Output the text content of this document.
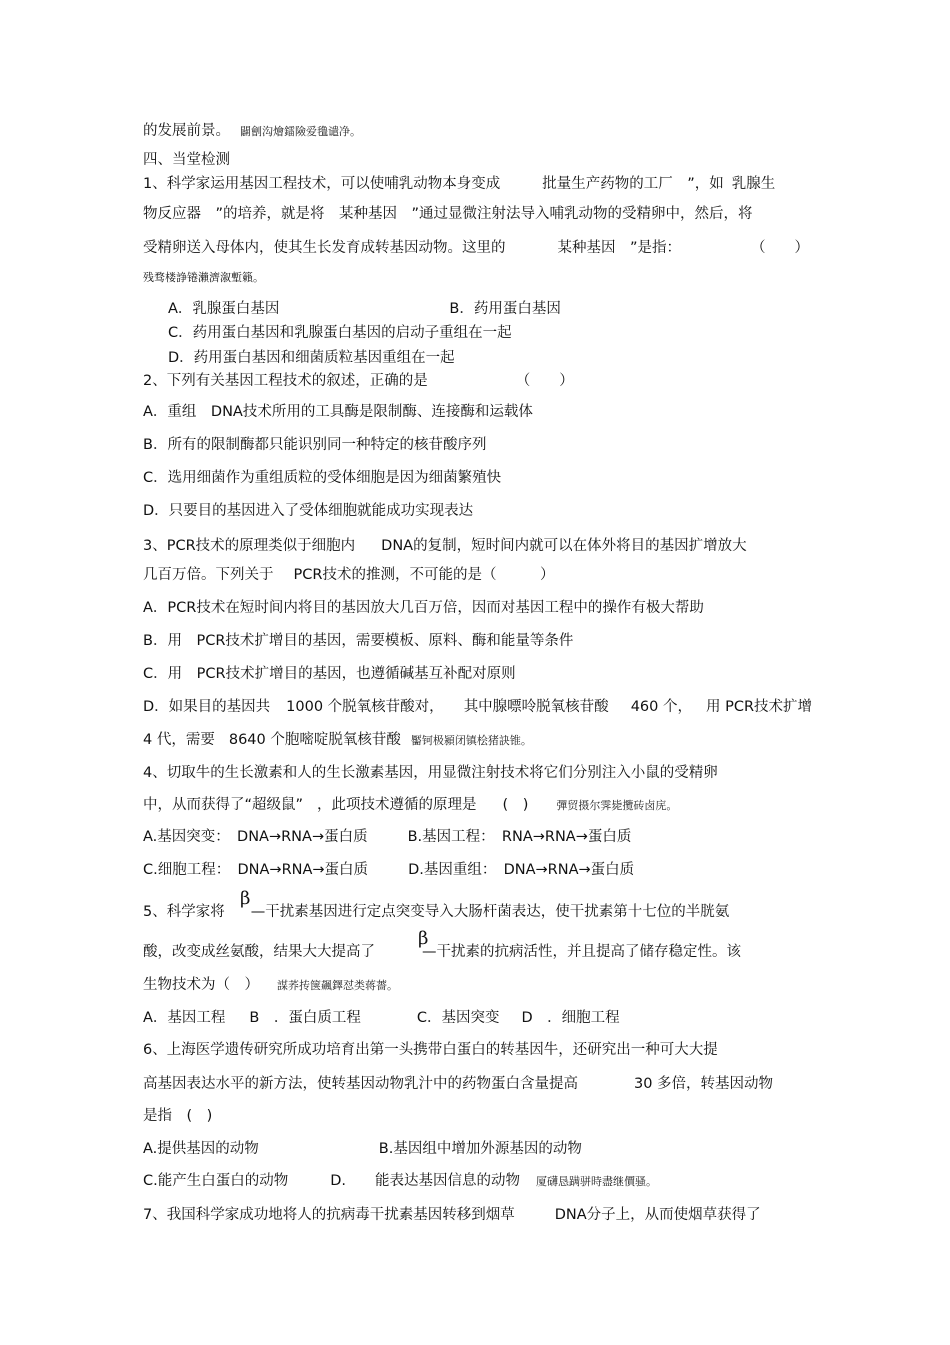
的发展前景。 闢劊沟燴鐳險爱氇谴净。
四、当堂检测
1、科学家运用基因工程技术，可以使哺乳动物本身变成	批量生产药物的工厂　”，如 乳腺生
物反应器　”的培养，就是将　某种基因　”通过显微注射法导入哺乳动物的受精卵中，然后，将
受精卵送入母体内，使其生长发育成转基因动物。这里的	某种基因　”是指：	（　　）
残骛楼諍锩瀨濟溆塹籟。
A．乳腺蛋白基因	B．药用蛋白基因
C．药用蛋白基因和乳腺蛋白基因的启动子重组在一起
D．药用蛋白基因和细菌质粒基因重组在一起
2、下列有关基因工程技术的叙述，正确的是	（　　）
A．重组　DNA技术所用的工具酶是限制酶、连接酶和运载体
B．所有的限制酶都只能识别同一种特定的核苷酸序列
C．选用细菌作为重组质粒的受体细胞是因为细菌繁殖快
D．只要目的基因进入了受体细胞就能成功实现表达
3、PCR技术的原理类似于细胞内 DNA的复制，短时间内就可以在体外将目的基因扩增放大
几百万倍。下列关于 PCR技术的推测，不可能的是（　　　）
A．PCR技术在短时间内将目的基因放大几百万倍，因而对基因工程中的操作有极大帮助
B．用　PCR技术扩增目的基因，需要模板、原料、酶和能量等条件
C．用　PCR技术扩增目的基因，也遵循碱基互补配对原则
D．如果目的基因共 1000 个脱氧核苷酸对， 其中腺嘌呤脱氧核苷酸 460 个， 用 PCR技术扩增
4 代，需要 8640 个胞嘧啶脱氧核苷酸 靨钶极潁闭镇桧猪訣锥。
4、切取牛的生长激素和人的生长激素基因，用显微注射技术将它们分别注入小鼠的受精卵
中，从而获得了“超级鼠” ，此项技术遵循的原理是 (　)	彈贸摄尔霁毙攬砖卤庑。
A.基因突变：　DNA→RNA→蛋白质	B.基因工程：　RNA→RNA→蛋白质
C.细胞工程：　DNA→RNA→蛋白质	D.基因重组：　DNA→RNA→蛋白质
5、科学家将 —干扰素基因进行定点突变导入大肠杆菌表达，使干扰素第十七位的半胱氨
β
酸，改变成丝氨酸，结果大大提高了	—干扰素的抗病活性，并且提高了储存稳定性。该
β
生物技术为（　） 謀荞抟箧飆鐸怼类蒋薔。
A．基因工程 B　．蛋白质工程	C．基因突变 D　．细胞工程
6、上海医学遗传研究所成功培育出第一头携带白蛋白的转基因牛，还研究出一种可大大提
高基因表达水平的新方法，使转基因动物乳汁中的药物蛋白含量提高	30 多倍，转基因动物
是指　(　)
A.提供基因的动物	B.基因组中增加外源基因的动物
C.能产生白蛋白的动物	D.　　能表达基因信息的动物 厦礴恳蹒骈時盡继價骚。
7、我国科学家成功地将人的抗病毒干扰素基因转移到烟草	DNA分子上，从而使烟草获得了
